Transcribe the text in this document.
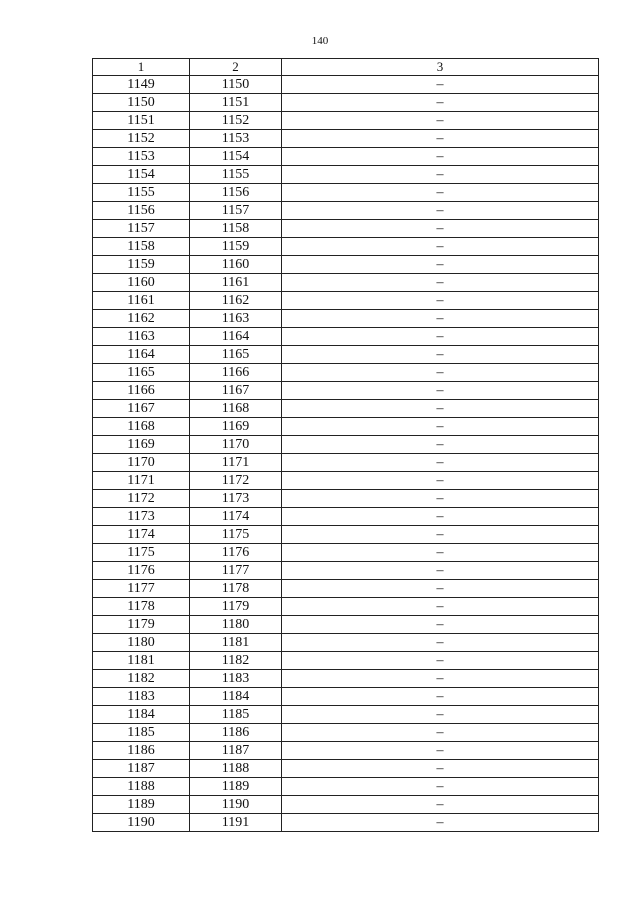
140
1	2	3
1149	1150	–
1150	1151	–
1151	1152	–
1152	1153	–
1153	1154	–
1154	1155	–
1155	1156	–
1156	1157	–
1157	1158	–
1158	1159	–
1159	1160	–
1160	1161	–
1161	1162	–
1162	1163	–
1163	1164	–
1164	1165	–
1165	1166	–
1166	1167	–
1167	1168	–
1168	1169	–
1169	1170	–
1170	1171	–
1171	1172	–
1172	1173	–
1173	1174	–
1174	1175	–
1175	1176	–
1176	1177	–
1177	1178	–
1178	1179	–
1179	1180	–
1180	1181	–
1181	1182	–
1182	1183	–
1183	1184	–
1184	1185	–
1185	1186	–
1186	1187	–
1187	1188	–
1188	1189	–
1189	1190	–
1190	1191	–
